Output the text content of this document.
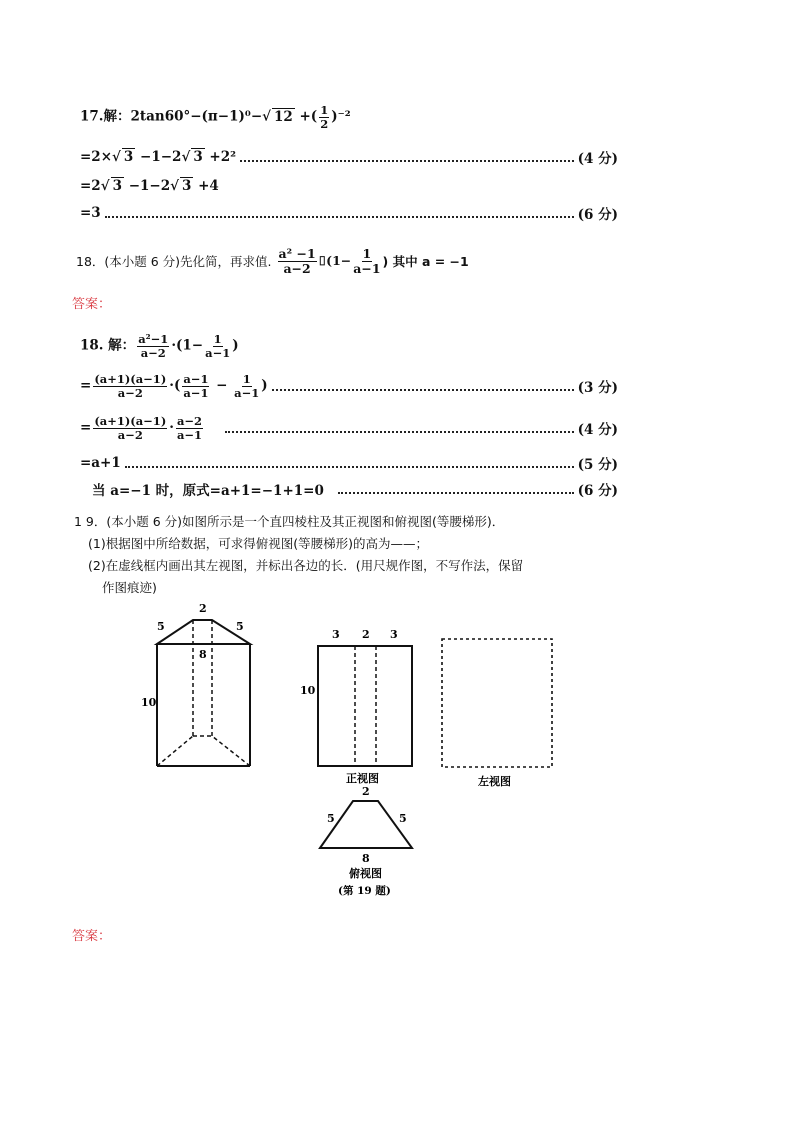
17.解：2tan60°−(π−1)⁰−√ 12 +( $\frac{1}{2} )^{-2}$
=2×√ 3 −1−2√ 3 +2²	(4 分)
=2√ 3 −1−2√ 3 +4
=3	(6 分)
18．(本小题 6 分)先化简，再求值. $\frac{\text{a² −1}}{a-2}$ ⌷(1− $\frac{1}{a-1}$ ) 其中 a = −1
答案：
18. 解： $\frac{\text{a²−1}}{a-2} \cdot(1- \frac{1}{a-1}$ )
= $\frac{(a+1)(a-1)}{a-2}$ ·( $\frac{a-1}{a-1} - \frac{1}{a-1}$ )	(3 分)
= $\frac{(a+1)(a-1)}{a-2} \cdot \frac{a-2}{a-1}$	(4 分)
=a+1	(5 分)
当 a=−1 时，原式=a+1=−1+1=0	(6 分)
1 9．(本小题 6 分)如图所示是一个直四棱柱及其正视图和俯视图(等腰梯形)．
(1)根据图中所给数据，可求得俯视图(等腰梯形)的高为——；
(2)在虚线框内画出其左视图，并标出各边的长．(用尺规作图，不写作法，保留
作图痕迹)
2
5	5
8
10
3 2 3
10
正视图
2
5	5
8
俯视图
(第 19 题)
左视图
答案：
